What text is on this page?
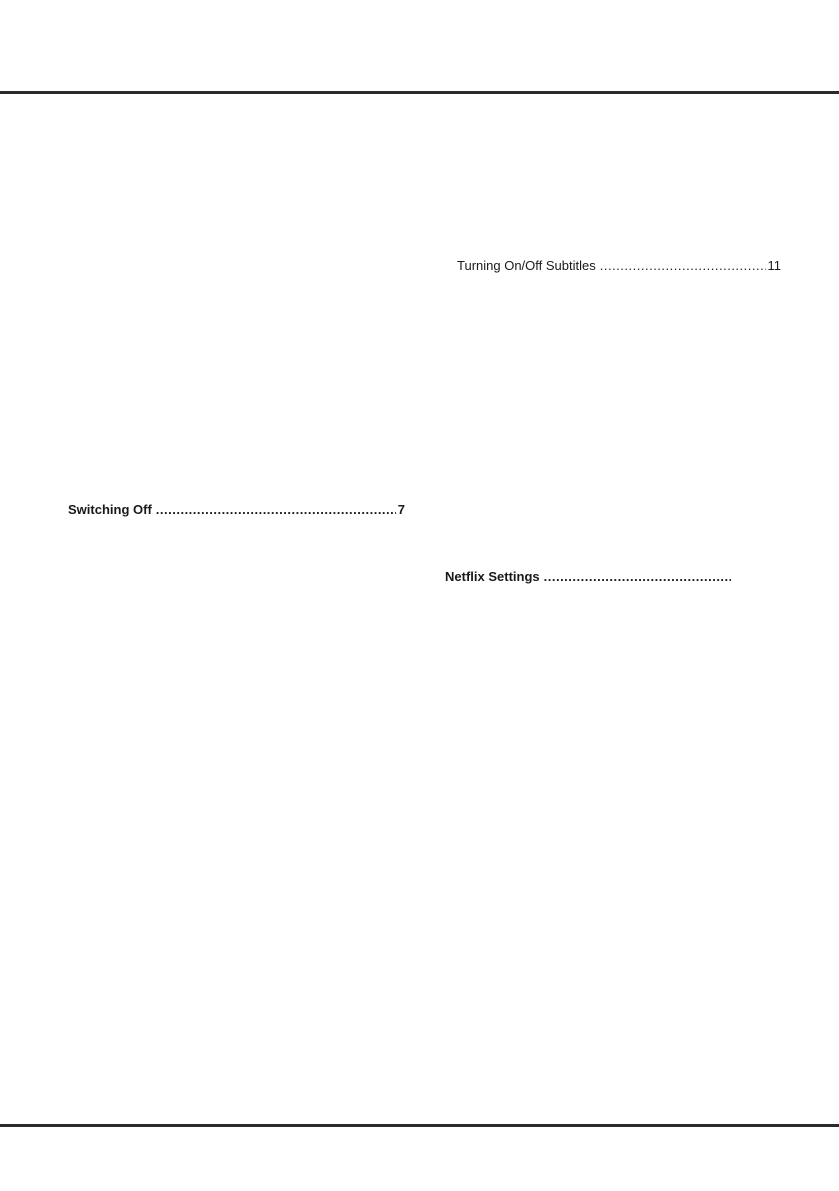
Turning On/Off Subtitles .....	11
Switching Off .....	7
Netflix Settings
.....
